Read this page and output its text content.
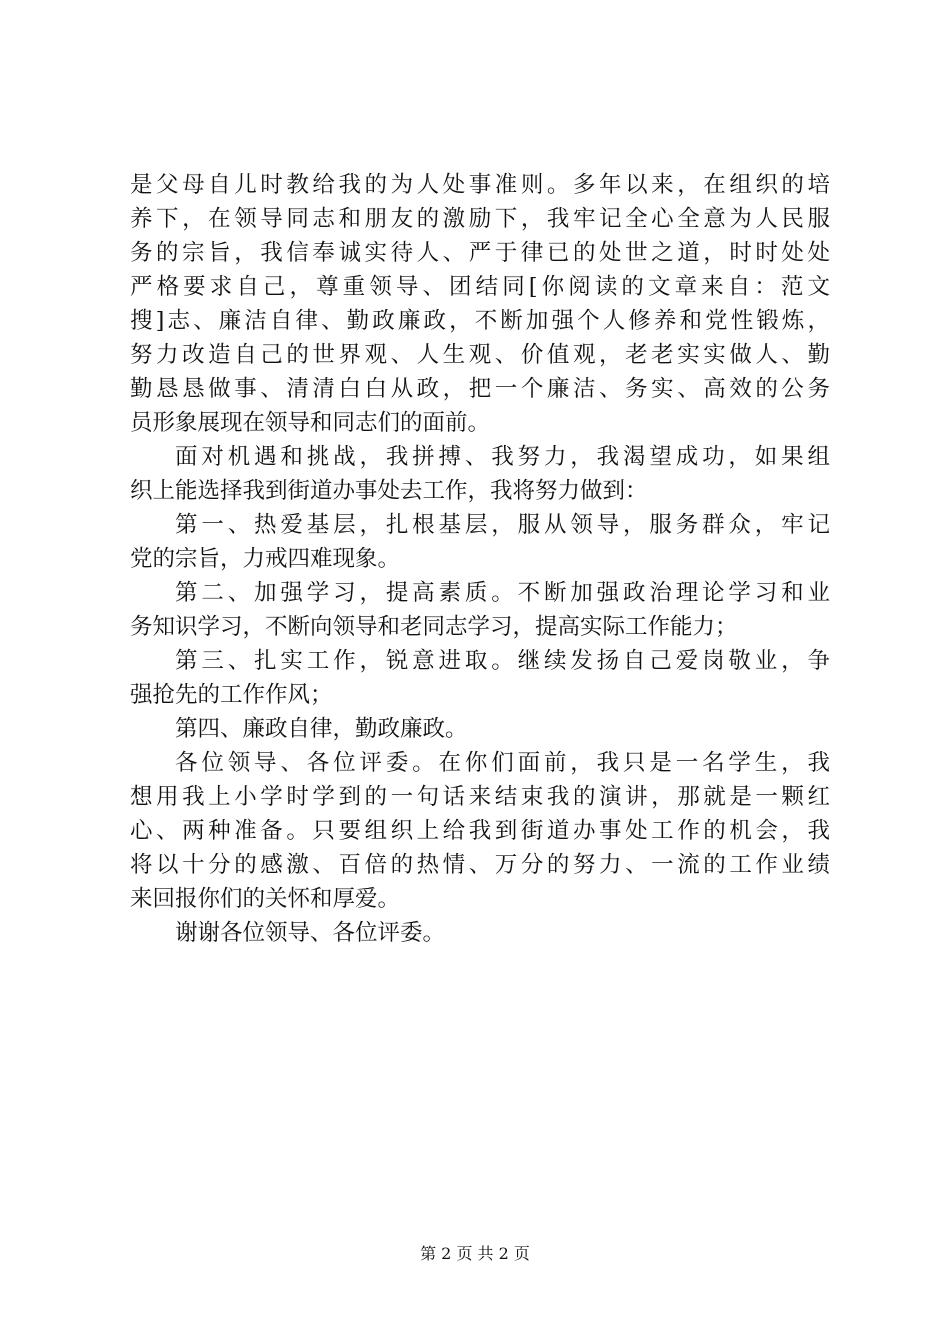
是父母自儿时教给我的为人处事准则。多年以来，在组织的培
养下，在领导同志和朋友的激励下，我牢记全心全意为人民服
务的宗旨，我信奉诚实待人、严于律已的处世之道，时时处处
严格要求自己，尊重领导、团结同[你阅读的文章来自：范文
搜]志、廉洁自律、勤政廉政，不断加强个人修养和党性锻炼，
努力改造自己的世界观、人生观、价值观，老老实实做人、勤
勤恳恳做事、清清白白从政，把一个廉洁、务实、高效的公务
员形象展现在领导和同志们的面前。
面对机遇和挑战，我拼搏、我努力，我渴望成功，如果组
织上能选择我到街道办事处去工作，我将努力做到：
第一、热爱基层，扎根基层，服从领导，服务群众，牢记
党的宗旨，力戒四难现象。
第二、加强学习，提高素质。不断加强政治理论学习和业
务知识学习，不断向领导和老同志学习，提高实际工作能力；
第三、扎实工作，锐意进取。继续发扬自己爱岗敬业，争
强抢先的工作作风；
第四、廉政自律，勤政廉政。
各位领导、各位评委。在你们面前，我只是一名学生，我
想用我上小学时学到的一句话来结束我的演讲，那就是一颗红
心、两种准备。只要组织上给我到街道办事处工作的机会，我
将以十分的感激、百倍的热情、万分的努力、一流的工作业绩
来回报你们的关怀和厚爱。
谢谢各位领导、各位评委。
第 2 页 共 2 页
